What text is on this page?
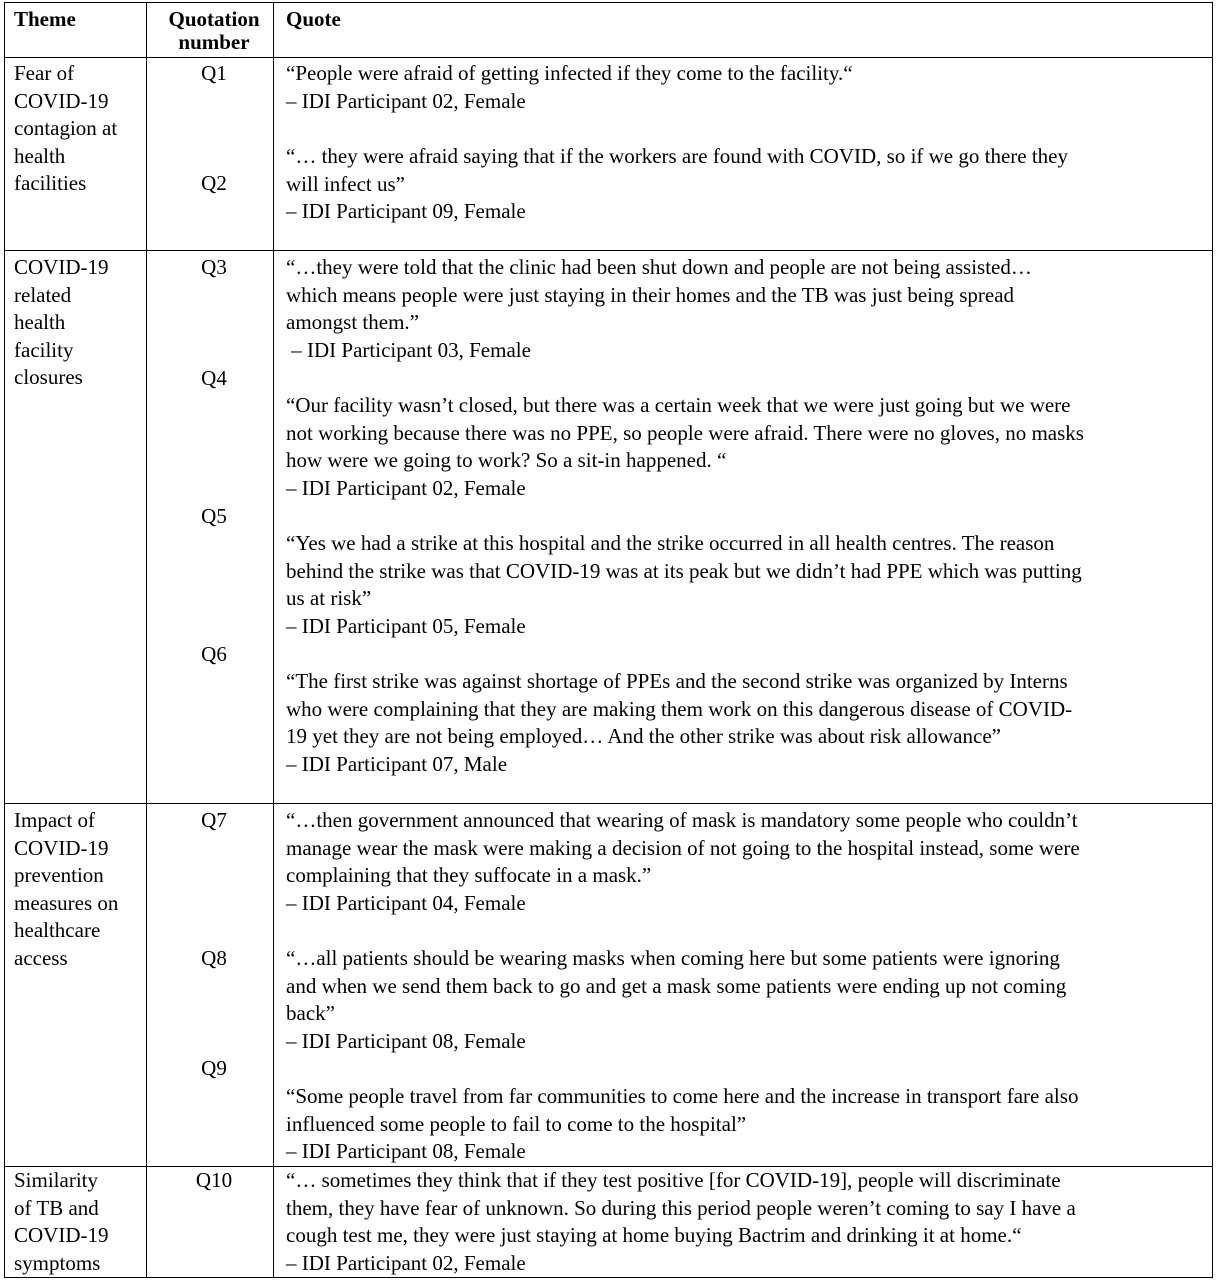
Theme	Quotation
number
Quote
Fear of
COVID-19
contagion at
health
facilities
Q1
Q2
“People were afraid of getting infected if they come to the facility.“
– IDI Participant 02, Female
“… they were afraid saying that if the workers are found with COVID, so if we go there they
will infect us”
– IDI Participant 09, Female
COVID-19
related
health
facility
closures
Q3
Q4
Q5
Q6
“…they were told that the clinic had been shut down and people are not being assisted…
which means people were just staying in their homes and the TB was just being spread
amongst them.”
– IDI Participant 03, Female
“Our facility wasn’t closed, but there was a certain week that we were just going but we were
not working because there was no PPE, so people were afraid. There were no gloves, no masks
how were we going to work? So a sit-in happened. “
– IDI Participant 02, Female
“Yes we had a strike at this hospital and the strike occurred in all health centres. The reason
behind the strike was that COVID-19 was at its peak but we didn’t had PPE which was putting
us at risk”
– IDI Participant 05, Female
“The first strike was against shortage of PPEs and the second strike was organized by Interns
who were complaining that they are making them work on this dangerous disease of COVID-
19 yet they are not being employed… And the other strike was about risk allowance”
– IDI Participant 07, Male
Impact of
COVID-19
prevention
measures on
healthcare
access
Q7
Q8
Q9
“…then government announced that wearing of mask is mandatory some people who couldn’t
manage wear the mask were making a decision of not going to the hospital instead, some were
complaining that they suffocate in a mask.”
– IDI Participant 04, Female
“…all patients should be wearing masks when coming here but some patients were ignoring
and when we send them back to go and get a mask some patients were ending up not coming
back”
– IDI Participant 08, Female
“Some people travel from far communities to come here and the increase in transport fare also
influenced some people to fail to come to the hospital”
– IDI Participant 08, Female
Similarity
of TB and
COVID-19
symptoms
Q10	“… sometimes they think that if they test positive [for COVID-19], people will discriminate
them, they have fear of unknown. So during this period people weren’t coming to say I have a
cough test me, they were just staying at home buying Bactrim and drinking it at home.“
– IDI Participant 02, Female
